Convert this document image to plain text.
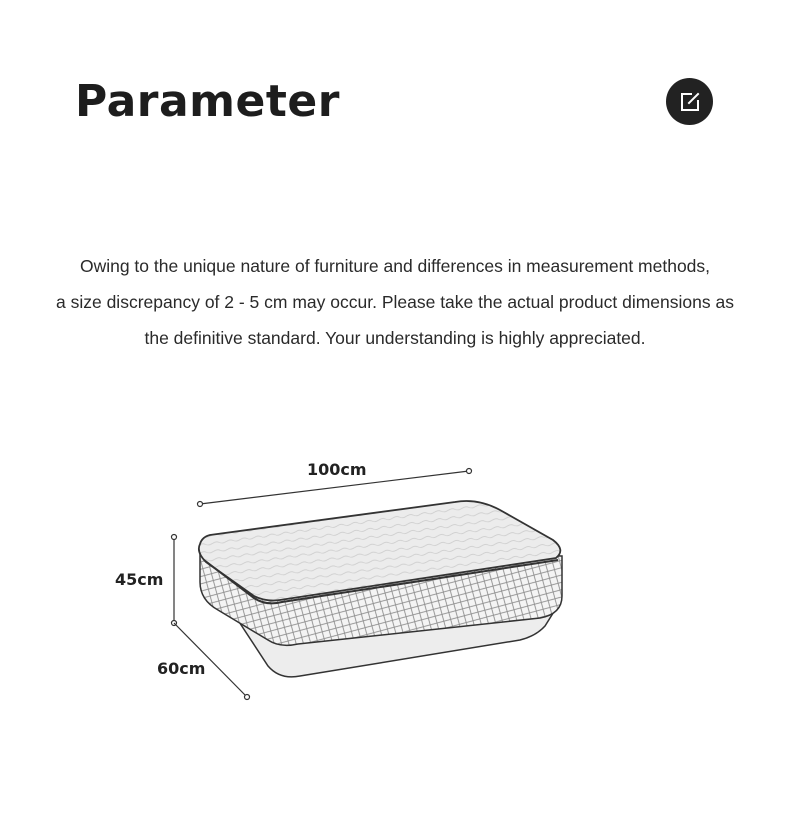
Parameter

Owing to the unique nature of furniture and differences in measurement methods,
a size discrepancy of 2 - 5 cm may occur. Please take the actual product dimensions as
the definitive standard. Your understanding is highly appreciated.

100cm
45cm
60cm
